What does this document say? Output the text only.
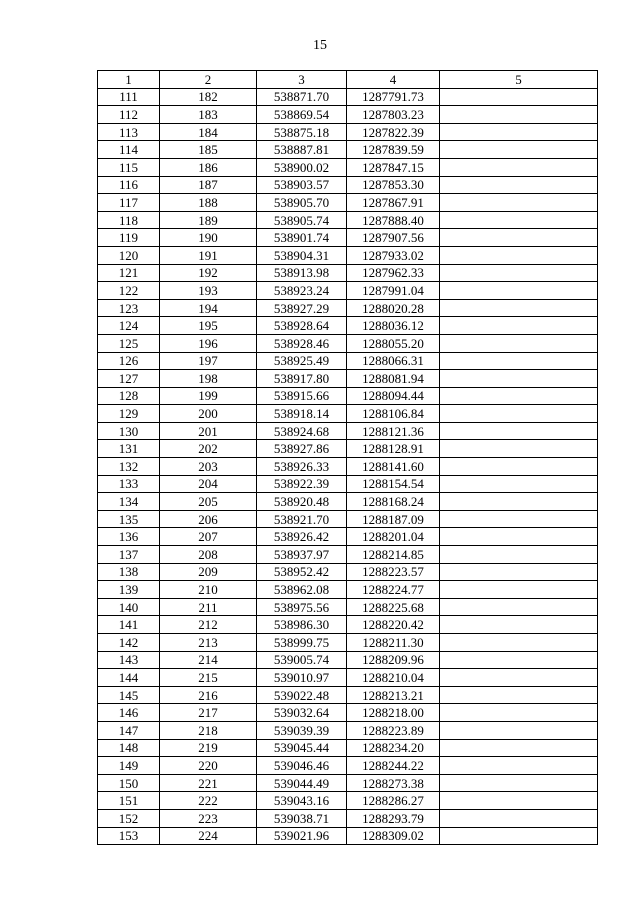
15
1	2	3	4	5
111	182	538871.70	1287791.73	
112	183	538869.54	1287803.23	
113	184	538875.18	1287822.39	
114	185	538887.81	1287839.59	
115	186	538900.02	1287847.15	
116	187	538903.57	1287853.30	
117	188	538905.70	1287867.91	
118	189	538905.74	1287888.40	
119	190	538901.74	1287907.56	
120	191	538904.31	1287933.02	
121	192	538913.98	1287962.33	
122	193	538923.24	1287991.04	
123	194	538927.29	1288020.28	
124	195	538928.64	1288036.12	
125	196	538928.46	1288055.20	
126	197	538925.49	1288066.31	
127	198	538917.80	1288081.94	
128	199	538915.66	1288094.44	
129	200	538918.14	1288106.84	
130	201	538924.68	1288121.36	
131	202	538927.86	1288128.91	
132	203	538926.33	1288141.60	
133	204	538922.39	1288154.54	
134	205	538920.48	1288168.24	
135	206	538921.70	1288187.09	
136	207	538926.42	1288201.04	
137	208	538937.97	1288214.85	
138	209	538952.42	1288223.57	
139	210	538962.08	1288224.77	
140	211	538975.56	1288225.68	
141	212	538986.30	1288220.42	
142	213	538999.75	1288211.30	
143	214	539005.74	1288209.96	
144	215	539010.97	1288210.04	
145	216	539022.48	1288213.21	
146	217	539032.64	1288218.00	
147	218	539039.39	1288223.89	
148	219	539045.44	1288234.20	
149	220	539046.46	1288244.22	
150	221	539044.49	1288273.38	
151	222	539043.16	1288286.27	
152	223	539038.71	1288293.79	
153	224	539021.96	1288309.02	
